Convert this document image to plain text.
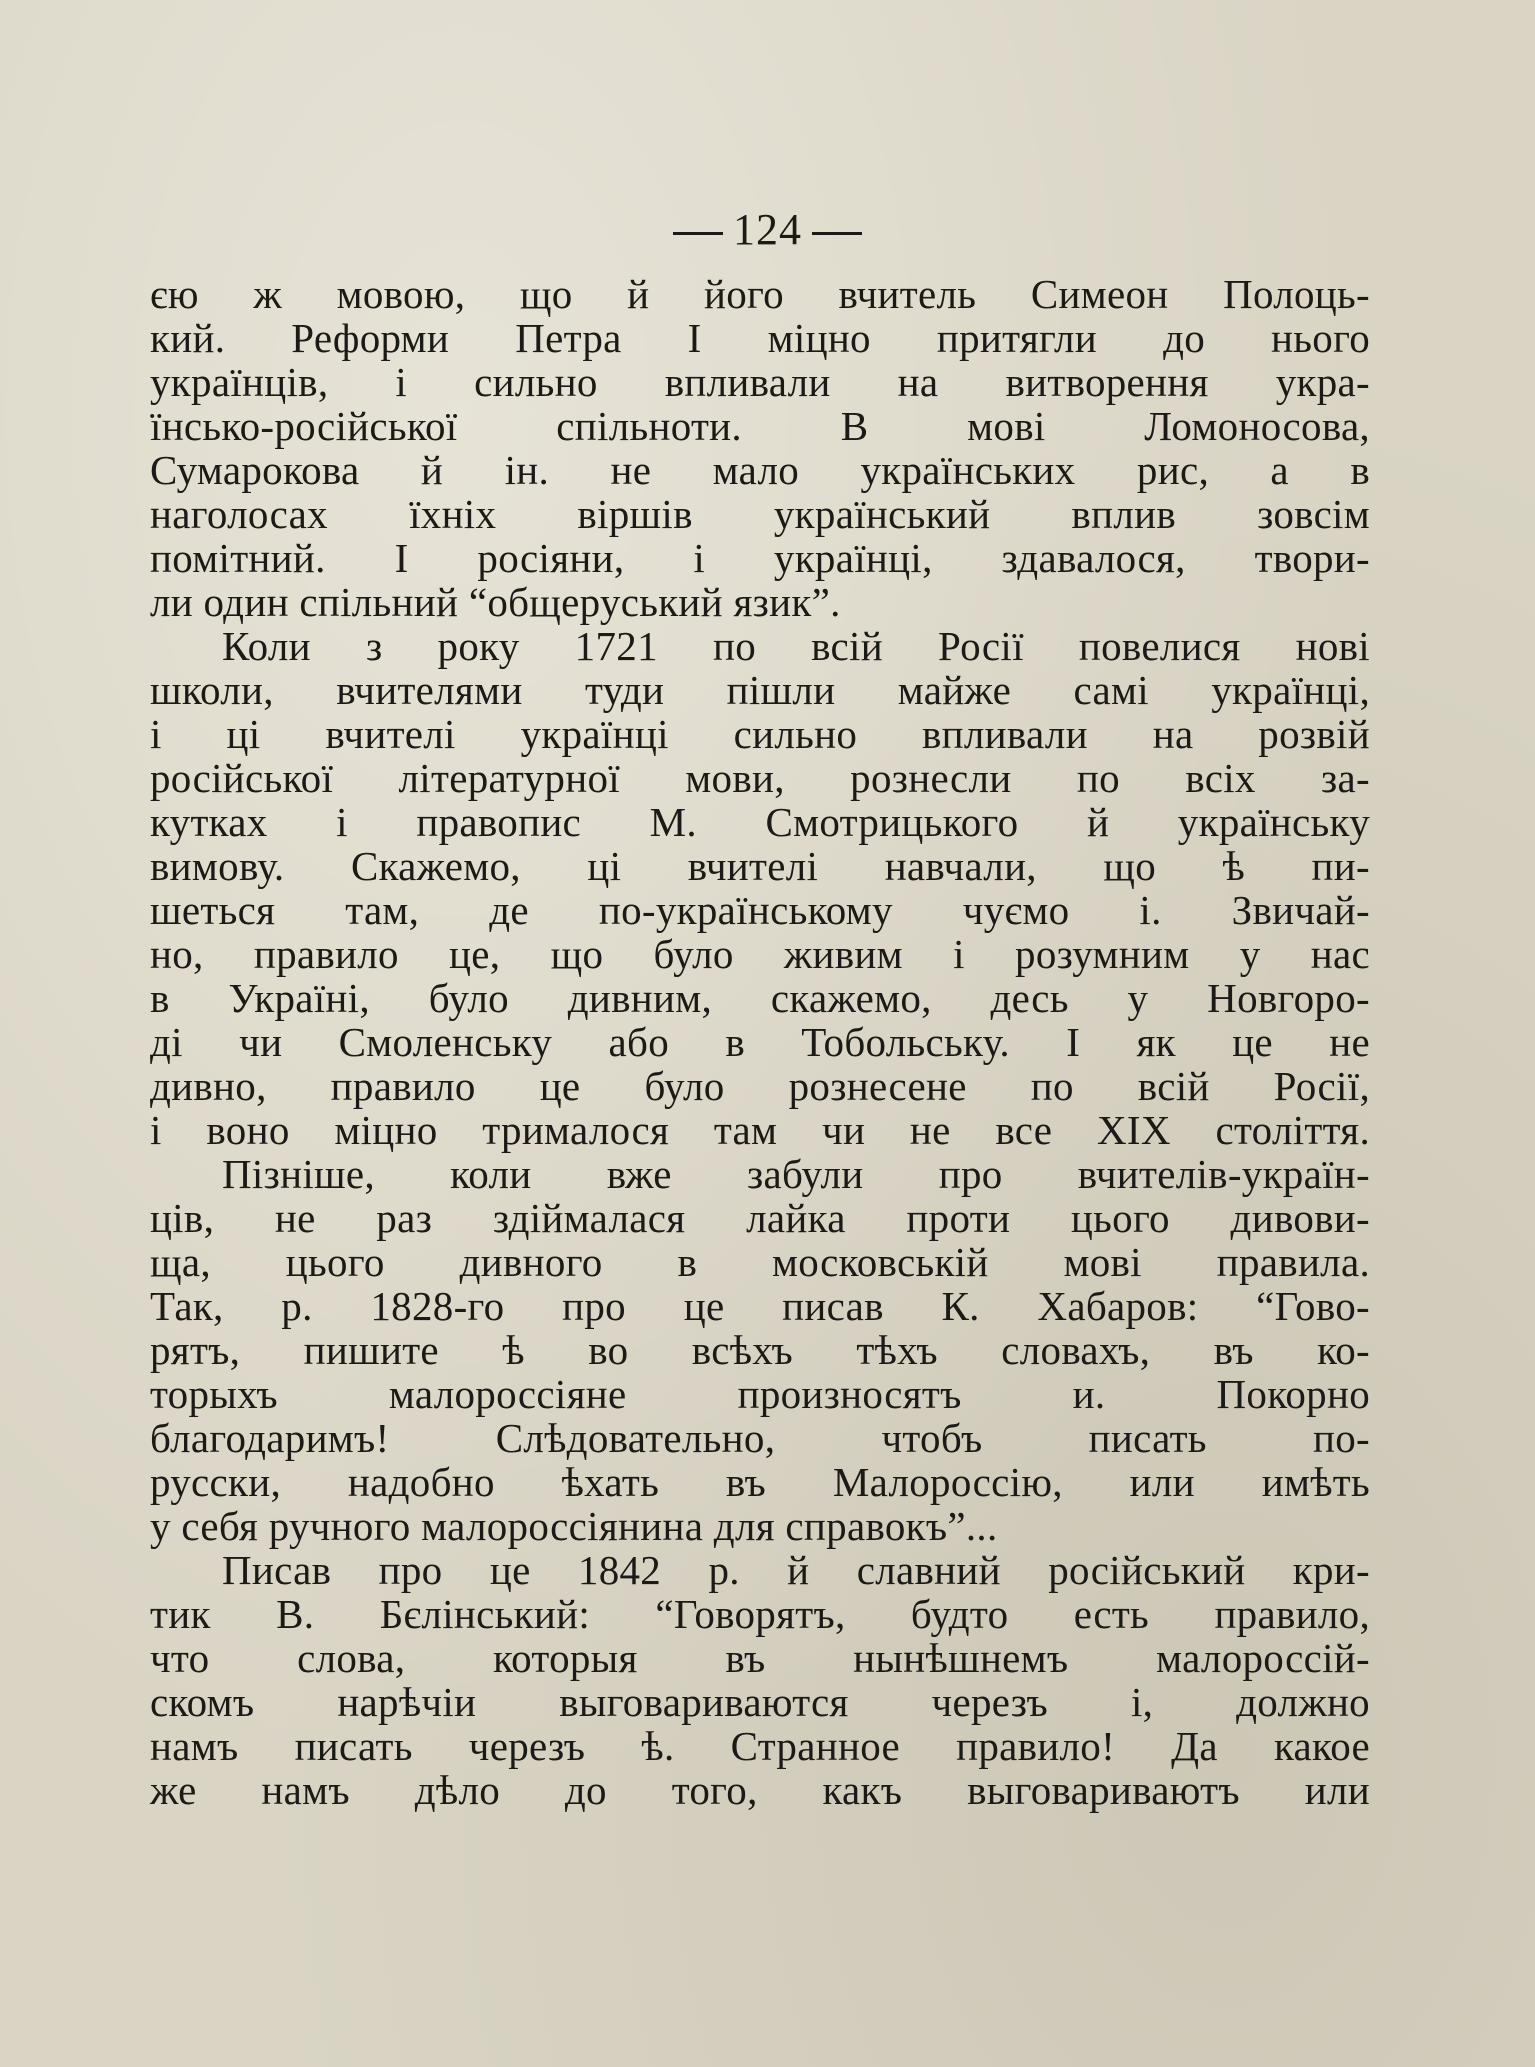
124
єю ж мовою, що й його вчитель Симеон Полоць-
кий. Реформи Петра І міцно притягли до нього
українців, і сильно впливали на витворення укра-
їнсько-російської спільноти. В мові Ломоносова,
Сумарокова й ін. не мало українських рис, а в
наголосах їхніх віршів український вплив зовсім
помітний. І росіяни, і українці, здавалося, твори-
ли один спільний “общеруський язик”.
Коли з року 1721 по всій Росії повелися нові
школи, вчителями туди пішли майже самі українці,
і ці вчителі українці сильно впливали на розвій
російської літературної мови, рознесли по всіх за-
кутках і правопис М. Смотрицького й українську
вимову. Скажемо, ці вчителі навчали, що ѣ пи-
шеться там, де по-українському чуємо і. Звичай-
но, правило це, що було живим і розумним у нас
в Україні, було дивним, скажемо, десь у Новгоро-
ді чи Смоленську або в Тобольську. І як це не
дивно, правило це було рознесене по всій Росії,
і воно міцно трималося там чи не все XIX століття.
Пізніше, коли вже забули про вчителів-україн-
ців, не раз здіймалася лайка проти цього дивови-
ща, цього дивного в московській мові правила.
Так, р. 1828-го про це писав К. Хабаров: “Гово-
рятъ, пишите ѣ во всѣхъ тѣхъ словахъ, въ ко-
торыхъ малороссіяне произносятъ и. Покорно
благодаримъ! Слѣдовательно, чтобъ писать по-
русски, надобно ѣхать въ Малороссію, или имѣть
у себя ручного малороссіянина для справокъ”...
Писав про це 1842 р. й славний російський кри-
тик В. Бєлінський: “Говорятъ, будто есть правило,
что слова, которыя въ нынѣшнемъ малороссій-
скомъ нарѣчіи выговариваются черезъ і, должно
намъ писать черезъ ѣ. Странное правило! Да какое
же намъ дѣло до того, какъ выговариваютъ или
